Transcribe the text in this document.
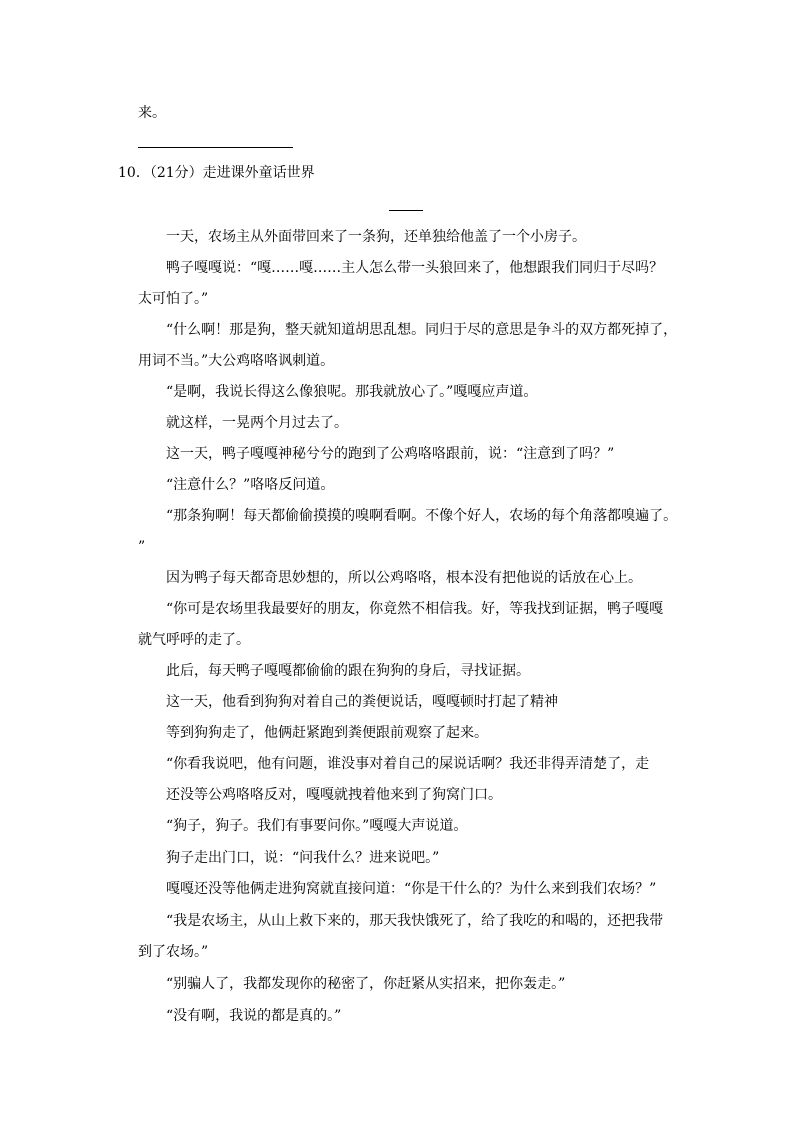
来。
10．（21分）走进课外童话世界
一天，农场主从外面带回来了一条狗，还单独给他盖了一个小房子。
鸭子嘎嘎说：“嘎……嘎……主人怎么带一头狼回来了，他想跟我们同归于尽吗？
太可怕了。”
“什么啊！那是狗，整天就知道胡思乱想。同归于尽的意思是争斗的双方都死掉了，
用词不当。”大公鸡咯咯讽刺道。
“是啊，我说长得这么像狼呢。那我就放心了。”嘎嘎应声道。
就这样，一晃两个月过去了。
这一天，鸭子嘎嘎神秘兮兮的跑到了公鸡咯咯跟前，说：“注意到了吗？”
“注意什么？”咯咯反问道。
“那条狗啊！每天都偷偷摸摸的嗅啊看啊。不像个好人，农场的每个角落都嗅遍了。
”
因为鸭子每天都奇思妙想的，所以公鸡咯咯，根本没有把他说的话放在心上。
“你可是农场里我最要好的朋友，你竟然不相信我。好，等我找到证据，鸭子嘎嘎
就气呼呼的走了。
此后，每天鸭子嘎嘎都偷偷的跟在狗狗的身后，寻找证据。
这一天，他看到狗狗对着自己的粪便说话，嘎嘎顿时打起了精神
等到狗狗走了，他俩赶紧跑到粪便跟前观察了起来。
“你看我说吧，他有问题，谁没事对着自己的屎说话啊？我还非得弄清楚了，走
还没等公鸡咯咯反对，嘎嘎就拽着他来到了狗窝门口。
“狗子，狗子。我们有事要问你。”嘎嘎大声说道。
狗子走出门口，说：“问我什么？进来说吧。”
嘎嘎还没等他俩走进狗窝就直接问道：“你是干什么的？为什么来到我们农场？”
“我是农场主，从山上救下来的，那天我快饿死了，给了我吃的和喝的，还把我带
到了农场。”
“别骗人了，我都发现你的秘密了，你赶紧从实招来，把你轰走。”
“没有啊，我说的都是真的。”
